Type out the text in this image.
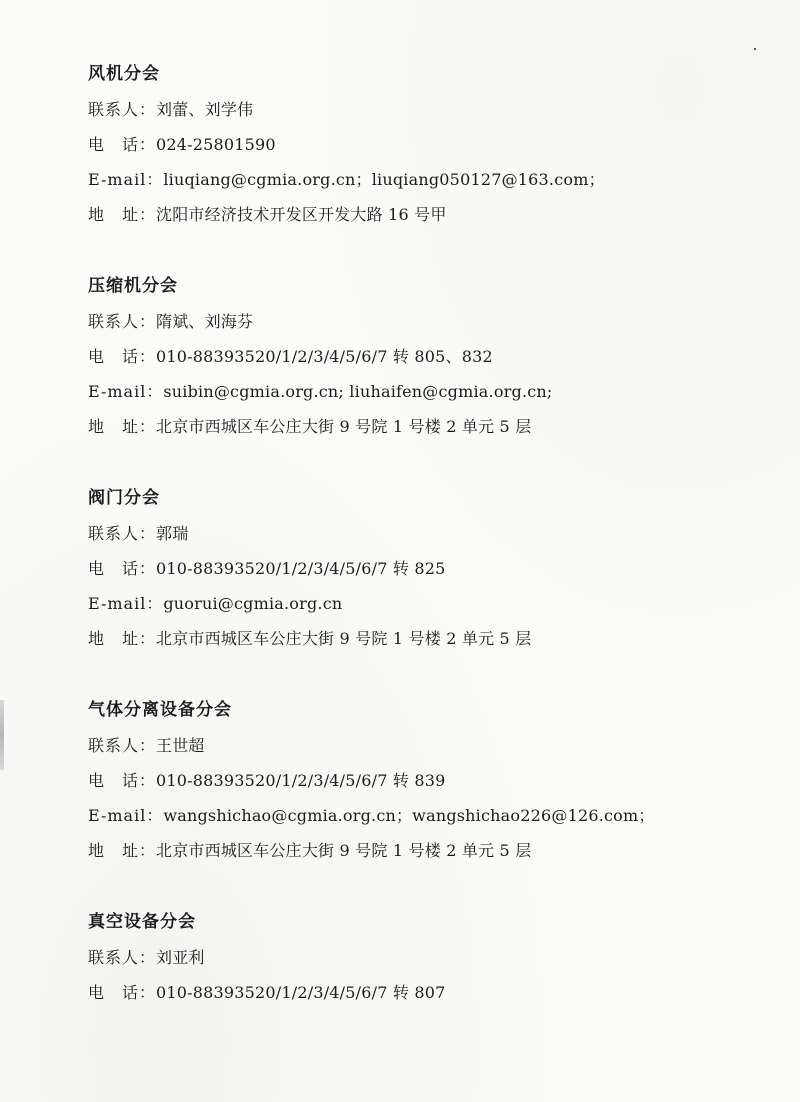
风机分会
联系人： 刘蕾、刘学伟
电　话： 024-25801590
E-mail： liuqiang@cgmia.org.cn；liuqiang050127@163.com；
地　址： 沈阳市经济技术开发区开发大路 16 号甲
压缩机分会
联系人： 隋斌、刘海芬
电　话： 010-88393520/1/2/3/4/5/6/7 转 805、832
E-mail： suibin@cgmia.org.cn; liuhaifen@cgmia.org.cn;
地　址： 北京市西城区车公庄大街 9 号院 1 号楼 2 单元 5 层
阀门分会
联系人： 郭瑞
电　话： 010-88393520/1/2/3/4/5/6/7 转 825
E-mail： guorui@cgmia.org.cn
地　址： 北京市西城区车公庄大街 9 号院 1 号楼 2 单元 5 层
气体分离设备分会
联系人： 王世超
电　话： 010-88393520/1/2/3/4/5/6/7 转 839
E-mail： wangshichao@cgmia.org.cn；wangshichao226@126.com；
地　址： 北京市西城区车公庄大街 9 号院 1 号楼 2 单元 5 层
真空设备分会
联系人： 刘亚利
电　话： 010-88393520/1/2/3/4/5/6/7 转 807
